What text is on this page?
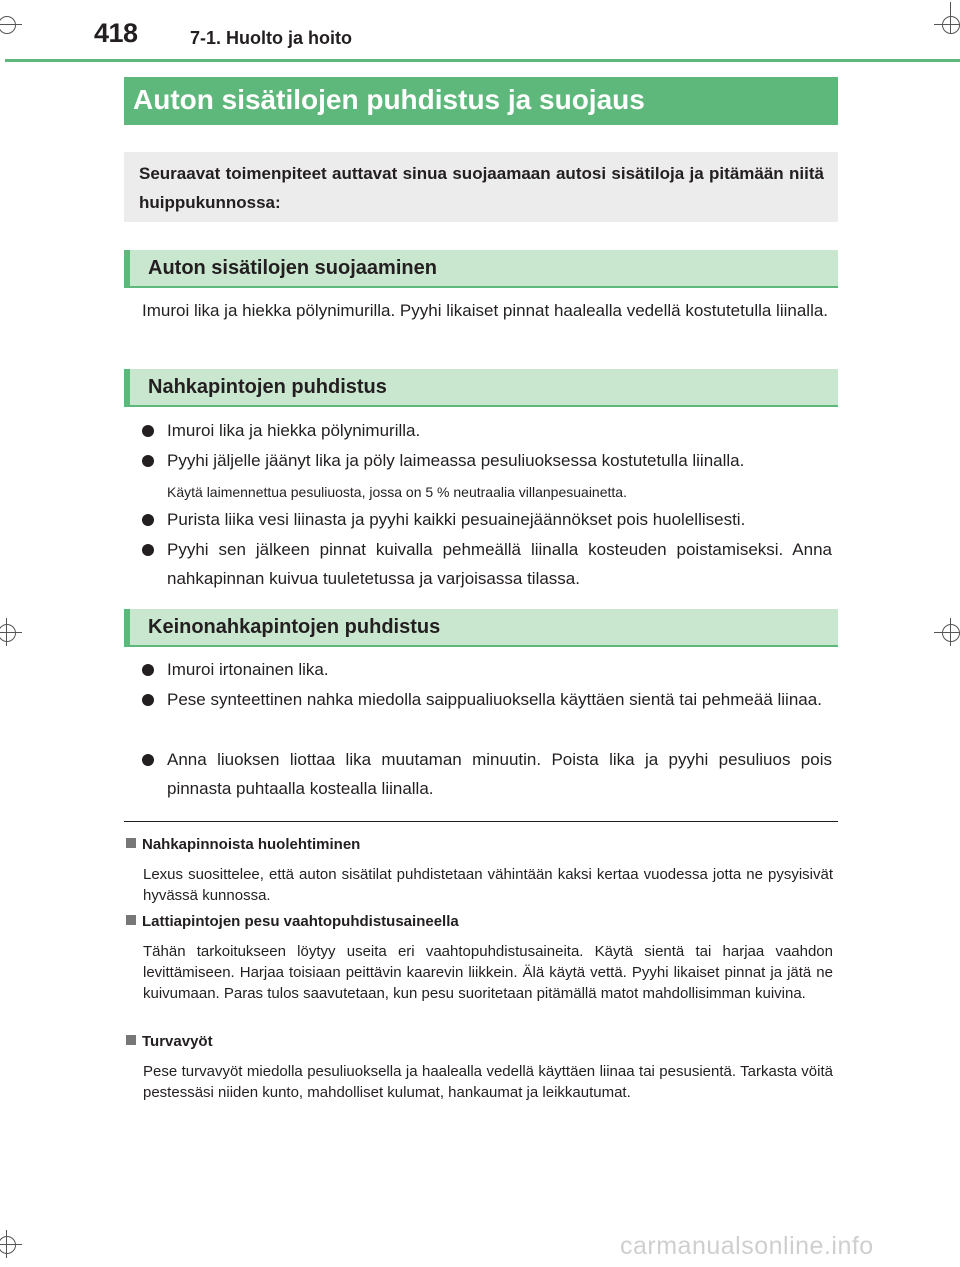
418	7-1. Huolto ja hoito
Auton sisätilojen puhdistus ja suojaus
Seuraavat toimenpiteet auttavat sinua suojaamaan autosi sisätiloja ja pitämään niitä huippukunnossa:
Auton sisätilojen suojaaminen
Imuroi lika ja hiekka pölynimurilla. Pyyhi likaiset pinnat haalealla vedellä kostutetulla liinalla.
Nahkapintojen puhdistus
Imuroi lika ja hiekka pölynimurilla.
Pyyhi jäljelle jäänyt lika ja pöly laimeassa pesuliuoksessa kostutetulla liinalla.
Käytä laimennettua pesuliuosta, jossa on 5 % neutraalia villanpesuainetta.
Purista liika vesi liinasta ja pyyhi kaikki pesuainejäännökset pois huolellisesti.
Pyyhi sen jälkeen pinnat kuivalla pehmeällä liinalla kosteuden poistamiseksi. Anna nahkapinnan kuivua tuuletetussa ja varjoisassa tilassa.
Keinonahkapintojen puhdistus
Imuroi irtonainen lika.
Pese synteettinen nahka miedolla saippualiuoksella käyttäen sientä tai pehmeää liinaa.
Anna liuoksen liottaa lika muutaman minuutin. Poista lika ja pyyhi pesuliuos pois pinnasta puhtaalla kostealla liinalla.
Nahkapinnoista huolehtiminen
Lexus suosittelee, että auton sisätilat puhdistetaan vähintään kaksi kertaa vuodessa jotta ne pysyisivät hyvässä kunnossa.
Lattiapintojen pesu vaahtopuhdistusaineella
Tähän tarkoitukseen löytyy useita eri vaahtopuhdistusaineita. Käytä sientä tai harjaa vaahdon levittämiseen. Harjaa toisiaan peittävin kaarevin liikkein. Älä käytä vettä. Pyyhi likaiset pinnat ja jätä ne kuivumaan. Paras tulos saavutetaan, kun pesu suoritetaan pitämällä matot mahdollisimman kuivina.
Turvavyöt
Pese turvavyöt miedolla pesuliuoksella ja haalealla vedellä käyttäen liinaa tai pesusientä. Tarkasta vöitä pestessäsi niiden kunto, mahdolliset kulumat, hankaumat ja leikkautumat.
carmanualsonline.info
